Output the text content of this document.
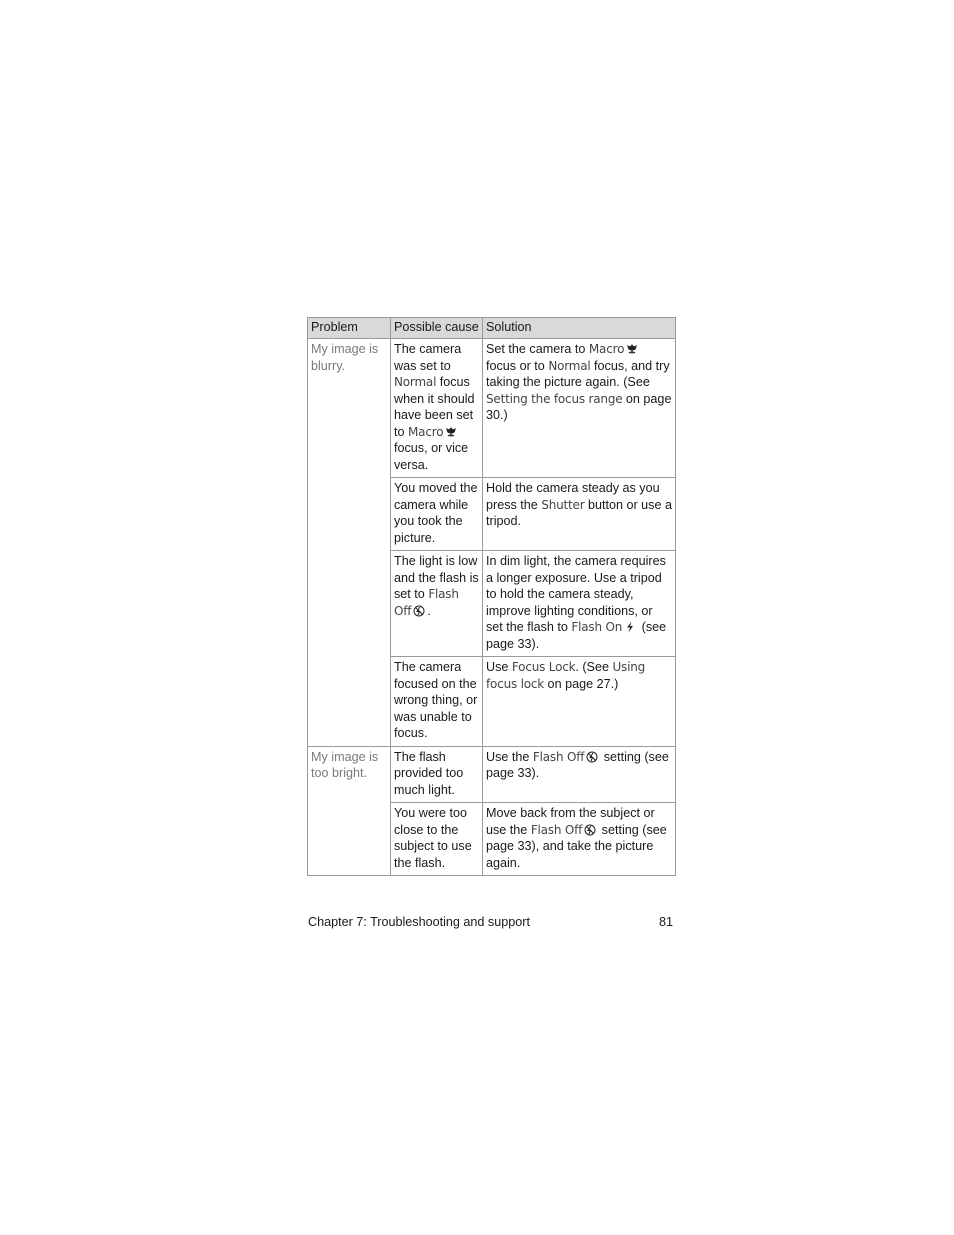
Problem	Possible cause	Solution
My image is blurry.	The camera was set to Normal focus when it should have been set to Macro focus, or vice versa.	Set the camera to Macro focus or to Normal focus, and try taking the picture again. (See Setting the focus range on page 30.)
	You moved the camera while you took the picture.	Hold the camera steady as you press the Shutter button or use a tripod.
	The light is low and the flash is set to Flash Off .	In dim light, the camera requires a longer exposure. Use a tripod to hold the camera steady, improve lighting conditions, or set the flash to Flash On (see page 33).
	The camera focused on the wrong thing, or was unable to focus.	Use Focus Lock. (See Using focus lock on page 27.)
My image is too bright.	The flash provided too much light.	Use the Flash Off setting (see page 33).
	You were too close to the subject to use the flash.	Move back from the subject or use the Flash Off setting (see page 33), and take the picture again.
Chapter 7: Troubleshooting and support	81
